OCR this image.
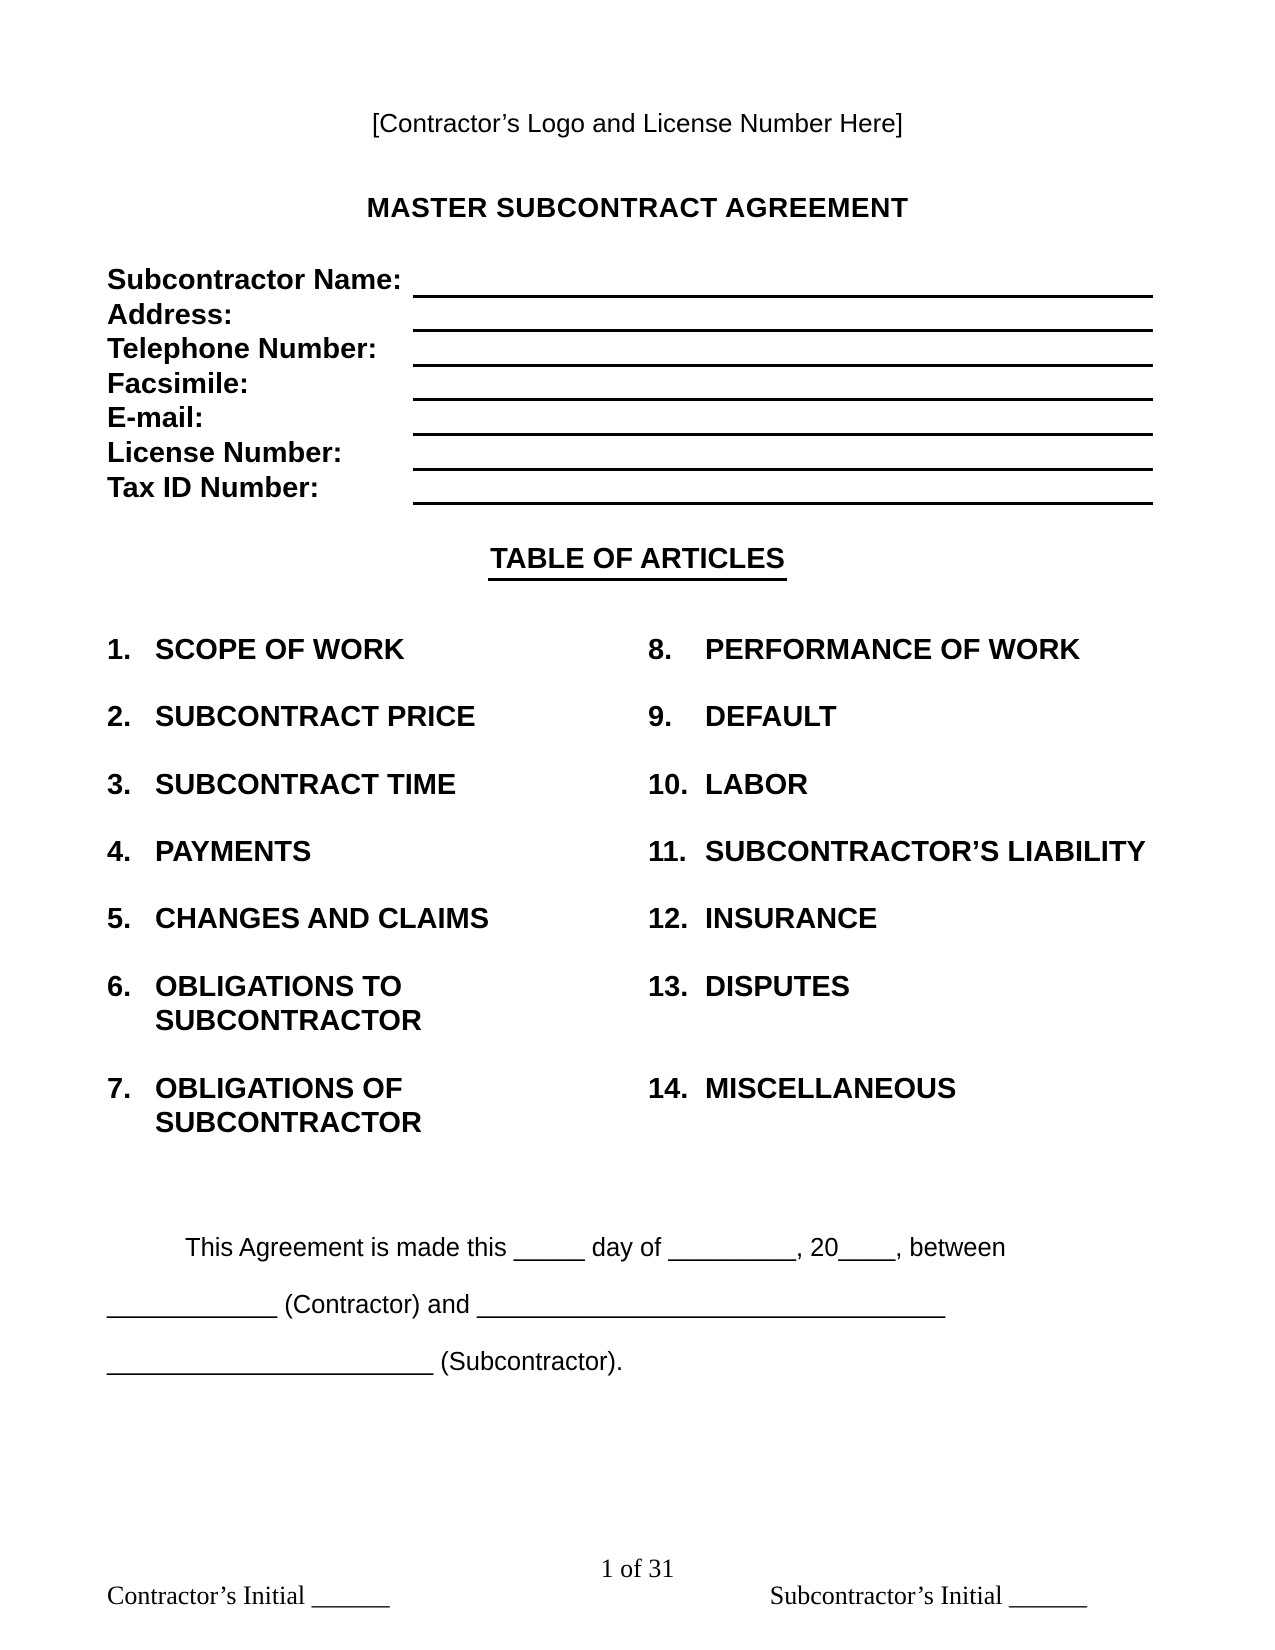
[Contractor’s Logo and License Number Here]
MASTER SUBCONTRACT AGREEMENT
Subcontractor Name:
Address:
Telephone Number:
Facsimile:
E-mail:
License Number:
Tax ID Number:
TABLE OF ARTICLES
1. SCOPE OF WORK
2. SUBCONTRACT PRICE
3. SUBCONTRACT TIME
4. PAYMENTS
5. CHANGES AND CLAIMS
6. OBLIGATIONS TO SUBCONTRACTOR
7. OBLIGATIONS OF SUBCONTRACTOR
8.	PERFORMANCE OF WORK
9.	DEFAULT
10. LABOR
11. SUBCONTRACTOR’S LIABILITY
12. INSURANCE
13. DISPUTES
14. MISCELLANEOUS
This Agreement is made this _____ day of _________, 20____, between
____________ (Contractor) and _________________________________
_______________________ (Subcontractor).
1 of 31
Contractor’s Initial ______	Subcontractor’s Initial ______
